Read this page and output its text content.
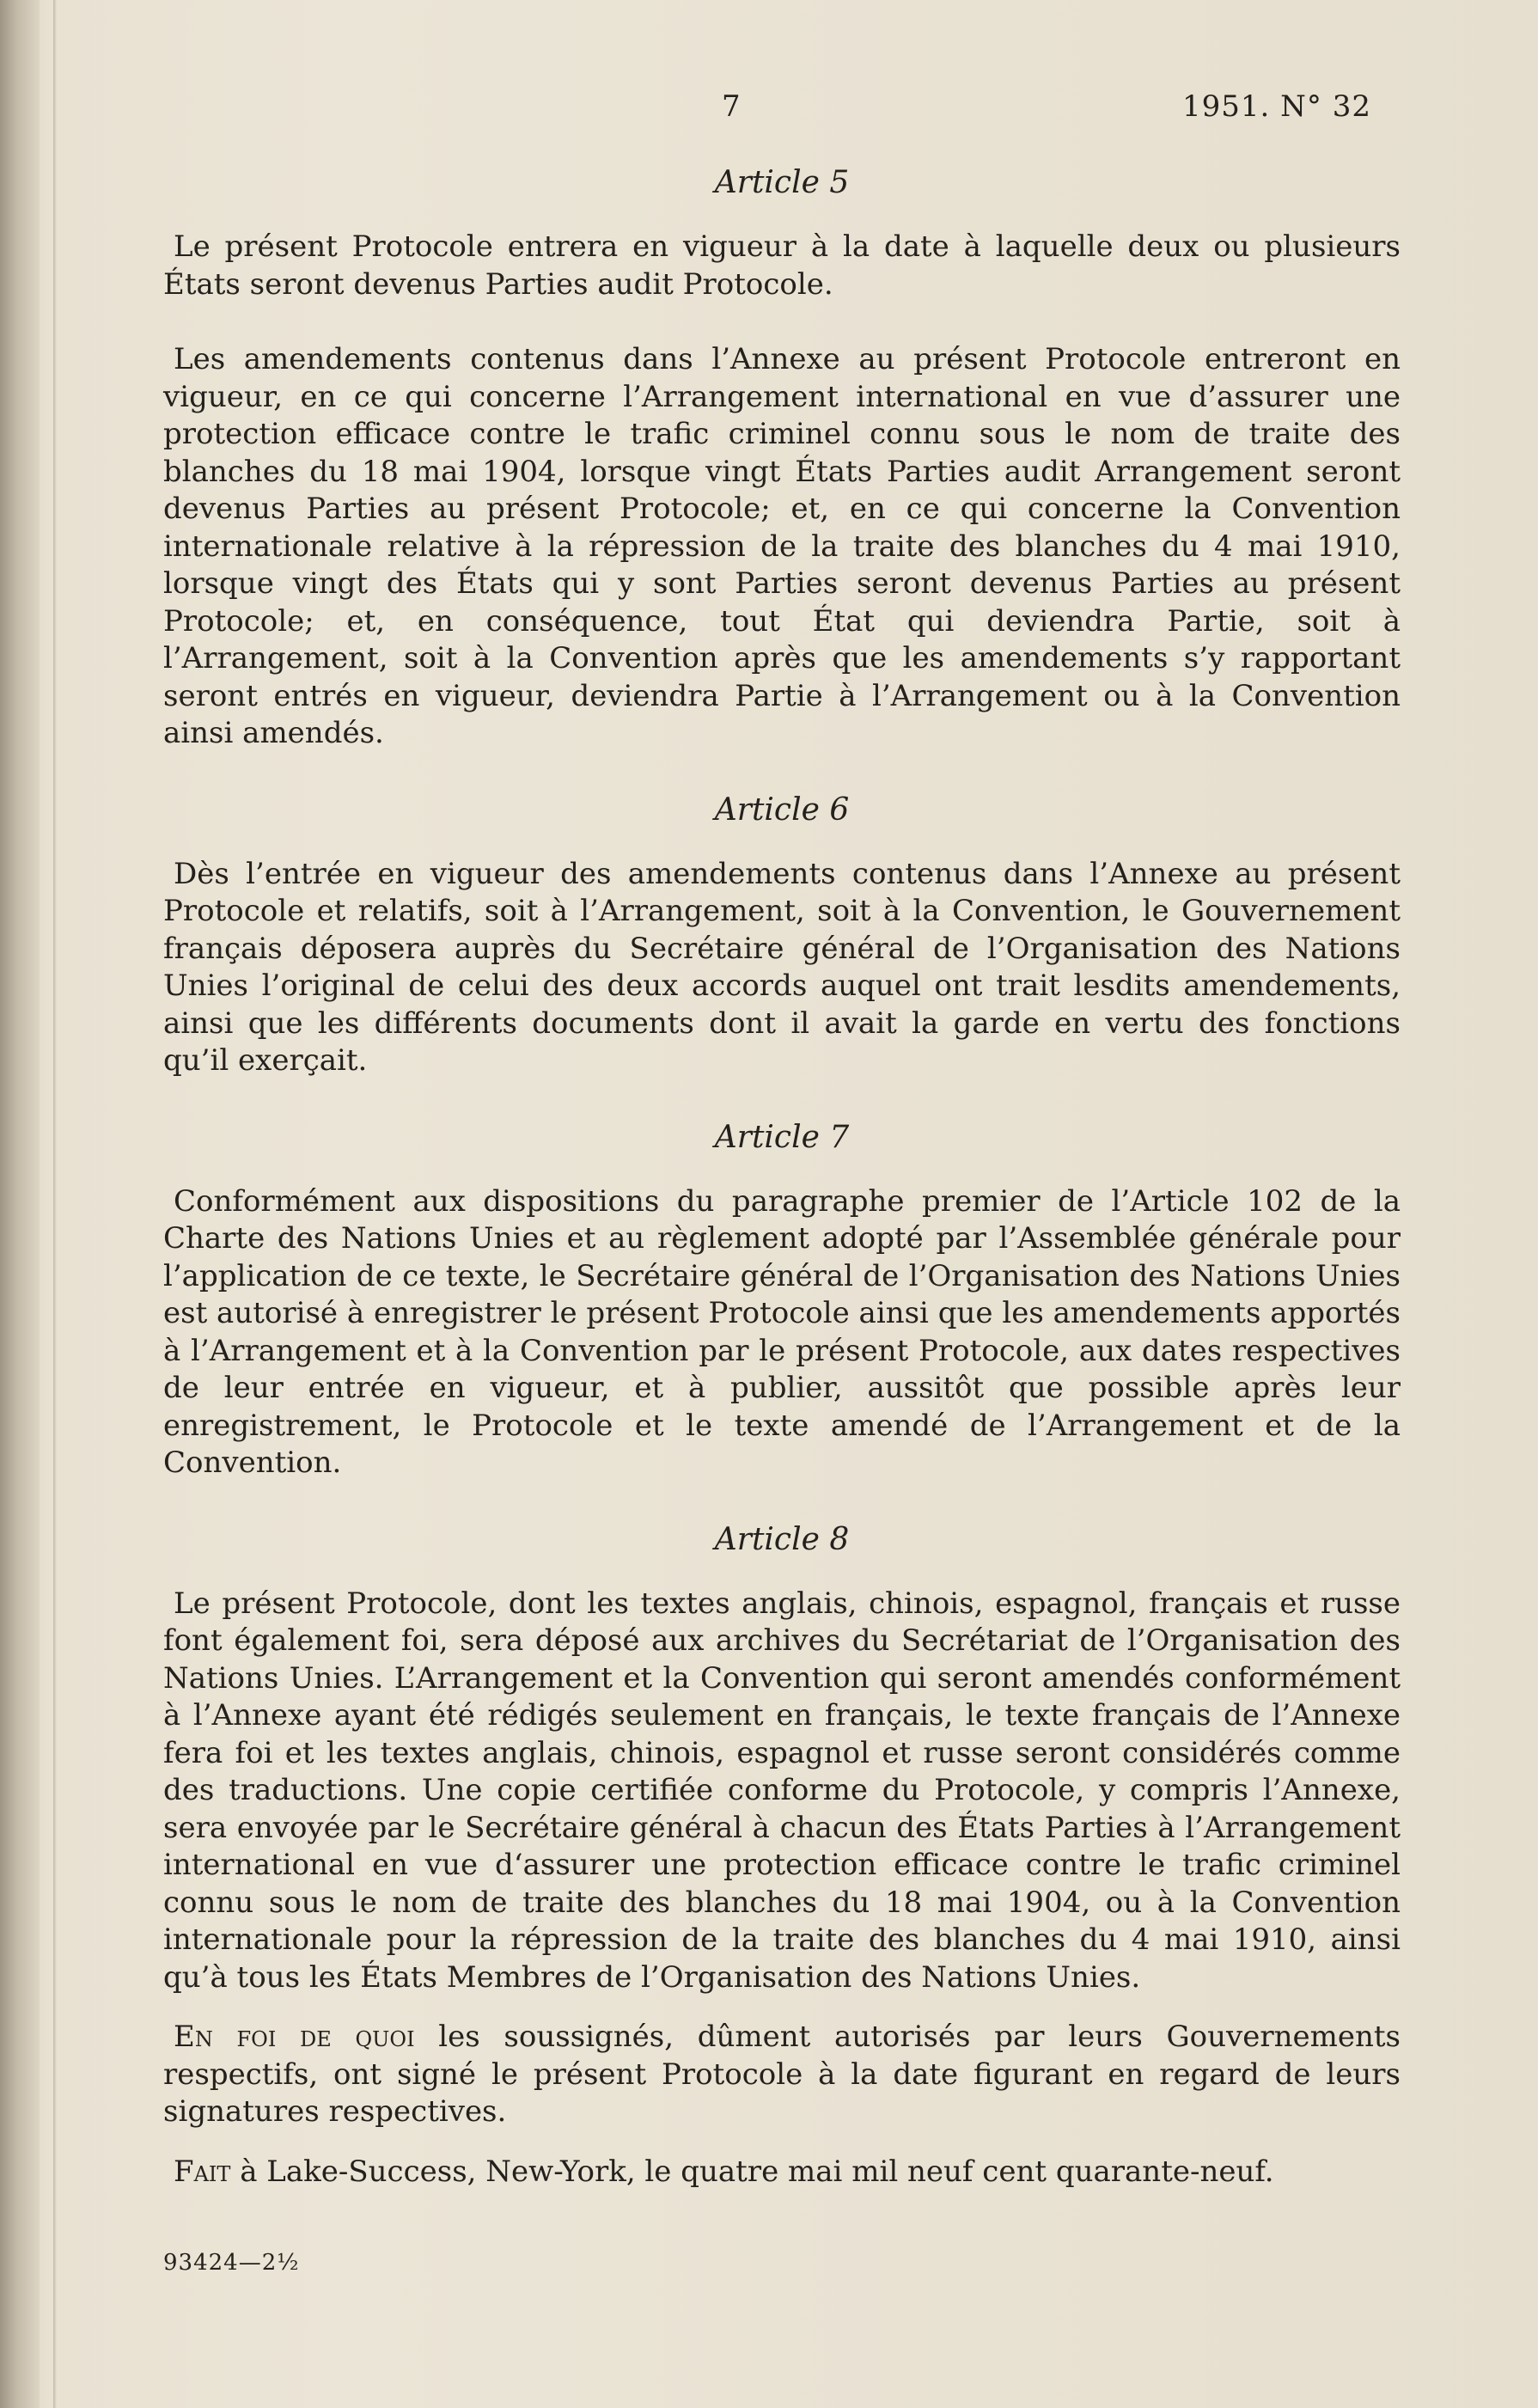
7	1951. N° 32
Article 5

Le présent Protocole entrera en vigueur à la date à laquelle deux ou plusieurs États seront devenus Parties audit Protocole.

Les amendements contenus dans l’Annexe au présent Protocole entreront en vigueur, en ce qui concerne l’Arrangement international en vue d’assurer une protection efficace contre le trafic criminel connu sous le nom de traite des blanches du 18 mai 1904, lorsque vingt États Parties audit Arrangement seront devenus Parties au présent Protocole; et, en ce qui concerne la Convention internationale relative à la répression de la traite des blanches du 4 mai 1910, lorsque vingt des États qui y sont Parties seront devenus Parties au présent Protocole; et, en conséquence, tout État qui deviendra Partie, soit à l’Arrangement, soit à la Convention après que les amendements s’y rapportant seront entrés en vigueur, deviendra Partie à l’Arrangement ou à la Convention ainsi amendés.

Article 6

Dès l’entrée en vigueur des amendements contenus dans l’Annexe au présent Protocole et relatifs, soit à l’Arrangement, soit à la Convention, le Gouvernement français déposera auprès du Secrétaire général de l’Organisation des Nations Unies l’original de celui des deux accords auquel ont trait lesdits amendements, ainsi que les différents documents dont il avait la garde en vertu des fonctions qu’il exerçait.

Article 7

Conformément aux dispositions du paragraphe premier de l’Article 102 de la Charte des Nations Unies et au règlement adopté par l’Assemblée générale pour l’application de ce texte, le Secrétaire général de l’Organisation des Nations Unies est autorisé à enregistrer le présent Protocole ainsi que les amendements apportés à l’Arrangement et à la Convention par le présent Protocole, aux dates respectives de leur entrée en vigueur, et à publier, aussitôt que possible après leur enregistrement, le Protocole et le texte amendé de l’Arrangement et de la Convention.

Article 8

Le présent Protocole, dont les textes anglais, chinois, espagnol, français et russe font également foi, sera déposé aux archives du Secrétariat de l’Organisation des Nations Unies. L’Arrangement et la Convention qui seront amendés conformément à l’Annexe ayant été rédigés seulement en français, le texte français de l’Annexe fera foi et les textes anglais, chinois, espagnol et russe seront considérés comme des traductions. Une copie certifiée conforme du Protocole, y compris l’Annexe, sera envoyée par le Secrétaire général à chacun des États Parties à l’Arrangement international en vue d‘assurer une protection efficace contre le trafic criminel connu sous le nom de traite des blanches du 18 mai 1904, ou à la Convention internationale pour la répression de la traite des blanches du 4 mai 1910, ainsi qu’à tous les États Membres de l’Organisation des Nations Unies.

En foi de quoi les soussignés, dûment autorisés par leurs Gouvernements respectifs, ont signé le présent Protocole à la date figurant en regard de leurs signatures respectives.

Fait à Lake-Success, New-York, le quatre mai mil neuf cent quarante-neuf.

93424—2½
